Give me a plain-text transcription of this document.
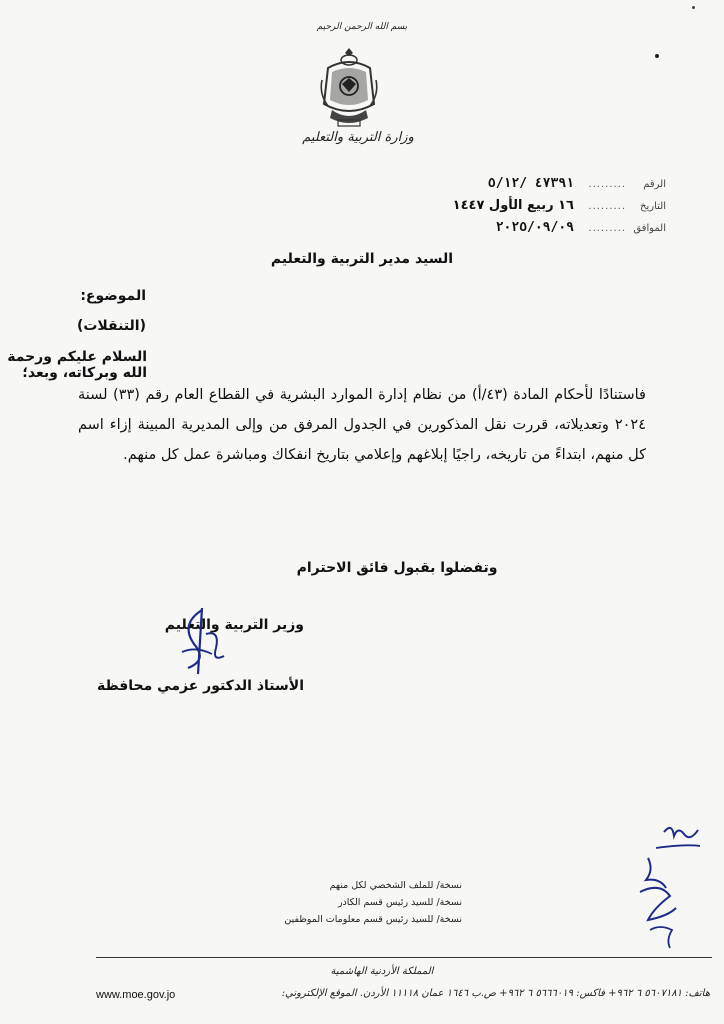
بسم الله الرحمن الرحيم
وزارة التربية والتعليم
الرقم
.........
٤٧٣٩١ /٥/١٢
التاريخ
.........
١٦ ربيع الأول ١٤٤٧
الموافق
.........
٢٠٢٥/٠٩/٠٩
السيد مدير التربية والتعليم
الموضوع:
(التنقلات)
السلام عليكم ورحمة الله وبركاته، وبعد؛
فاستنادًا لأحكام المادة (٤٣/أ) من نظام إدارة الموارد البشرية في القطاع العام رقم (٣٣) لسنة ٢٠٢٤ وتعديلاته، قررت نقل المذكورين في الجدول المرفق من وإلى المديرية المبينة إزاء اسم كل منهم، ابتداءً من تاريخه، راجيًا إبلاغهم وإعلامي بتاريخ انفكاك ومباشرة عمل كل منهم.
وتفضلوا بقبول فائق الاحترام
وزير التربية والتعليم
الأستاذ الدكتور عزمي محافظة
نسخة/ للملف الشخصي لكل منهم
نسخة/ للسيد رئيس قسم الكادر
نسخة/ للسيد رئيس قسم معلومات الموظفين
المملكة الأردنية الهاشمية
هاتف: ٥٦٠٧١٨١ ٦ ٩٦٢+ فاكس: ٥٦٦٦٠١٩ ٦ ٩٦٢+ ص.ب ١٦٤٦ عمان ١١١١٨ الأردن. الموقع الإلكتروني:
www.moe.gov.jo
